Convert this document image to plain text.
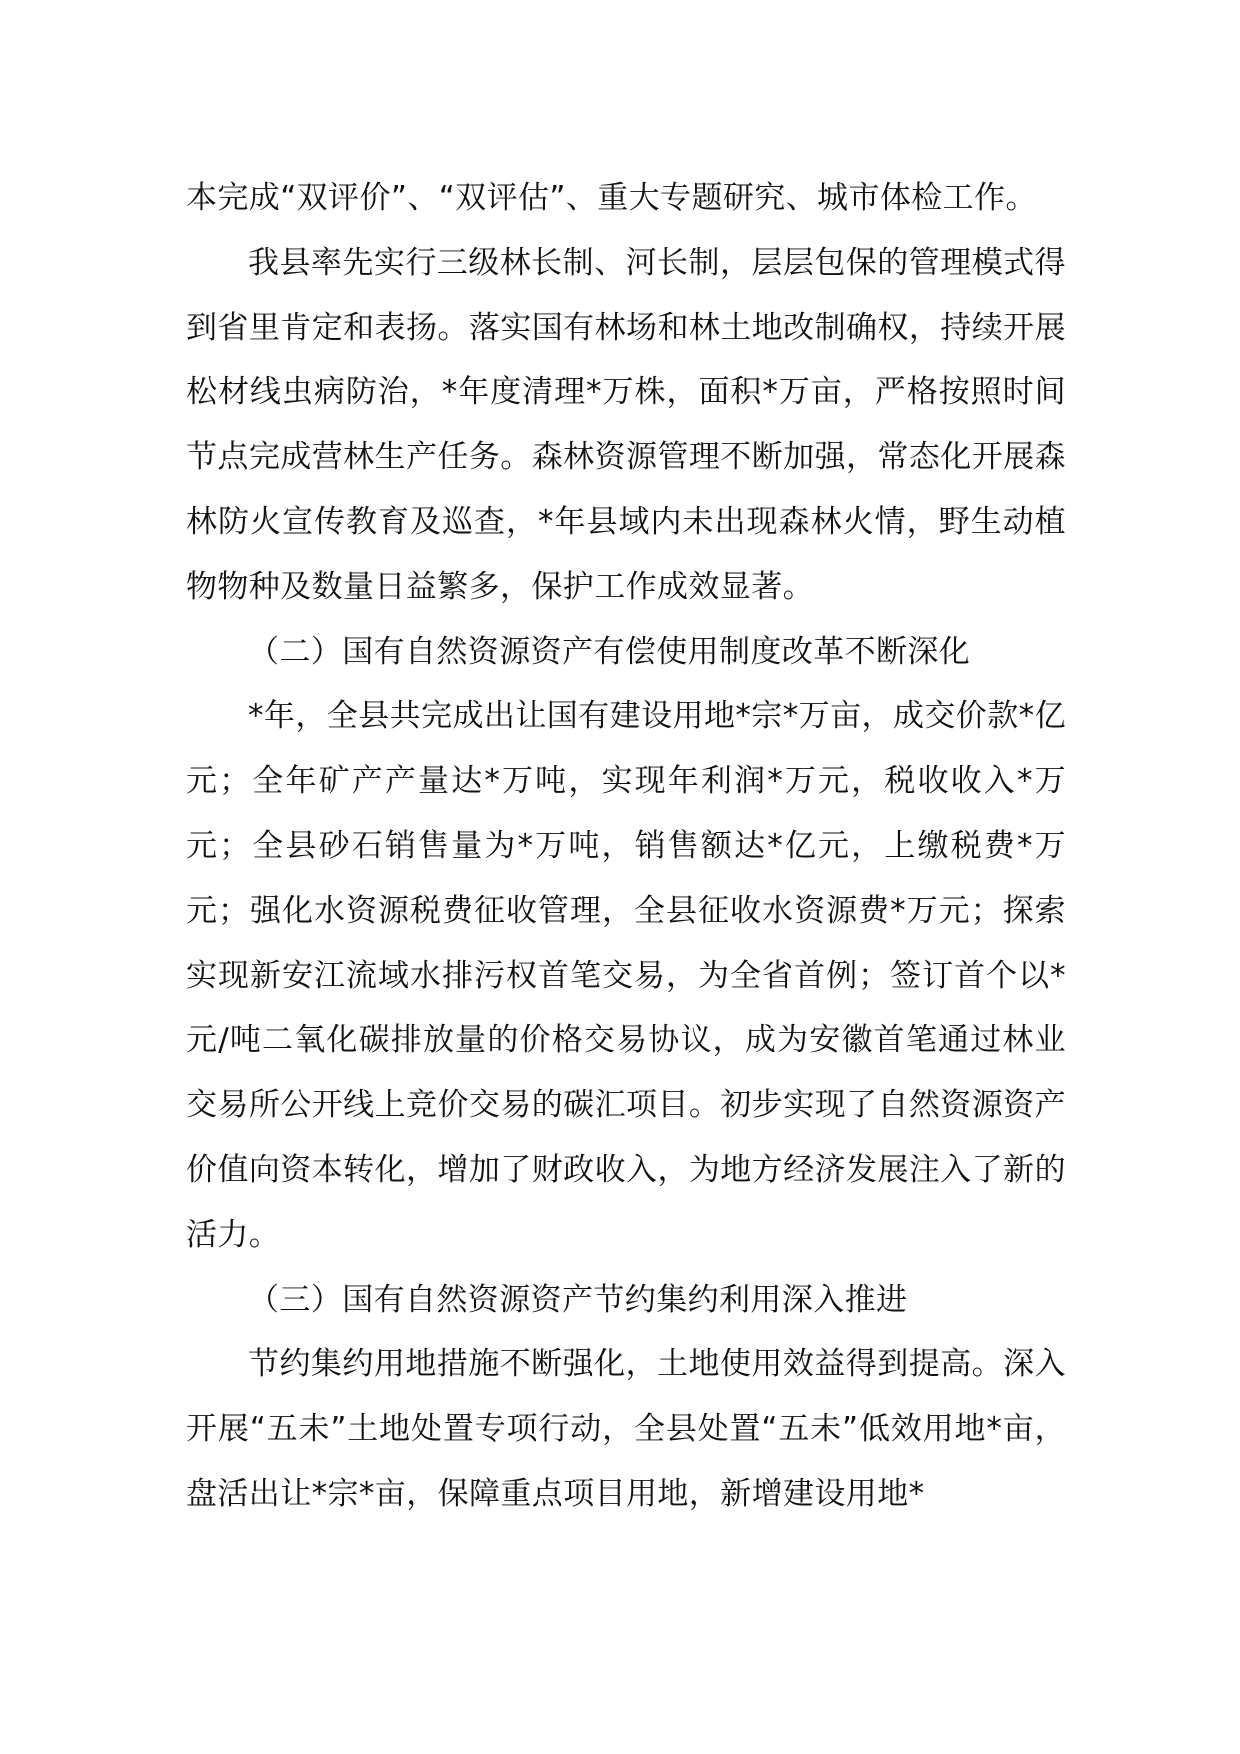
本完成“双评价”、“双评估”、重大专题研究、城市体检工作。

我县率先实行三级林长制、河长制，层层包保的管理模式得到省里肯定和表扬。落实国有林场和林土地改制确权，持续开展松材线虫病防治，*年度清理*万株，面积*万亩，严格按照时间节点完成营林生产任务。森林资源管理不断加强，常态化开展森林防火宣传教育及巡查，*年县域内未出现森林火情，野生动植物物种及数量日益繁多，保护工作成效显著。

（二）国有自然资源资产有偿使用制度改革不断深化

*年，全县共完成出让国有建设用地*宗*万亩，成交价款*亿元；全年矿产产量达*万吨，实现年利润*万元，税收收入*万元；全县砂石销售量为*万吨，销售额达*亿元，上缴税费*万元；强化水资源税费征收管理，全县征收水资源费*万元；探索实现新安江流域水排污权首笔交易，为全省首例；签订首个以*元/吨二氧化碳排放量的价格交易协议，成为安徽首笔通过林业交易所公开线上竞价交易的碳汇项目。初步实现了自然资源资产价值向资本转化，增加了财政收入，为地方经济发展注入了新的活力。

（三）国有自然资源资产节约集约利用深入推进

节约集约用地措施不断强化，土地使用效益得到提高。深入开展“五未”土地处置专项行动，全县处置“五未”低效用地*亩，盘活出让*宗*亩，保障重点项目用地，新增建设用地*
